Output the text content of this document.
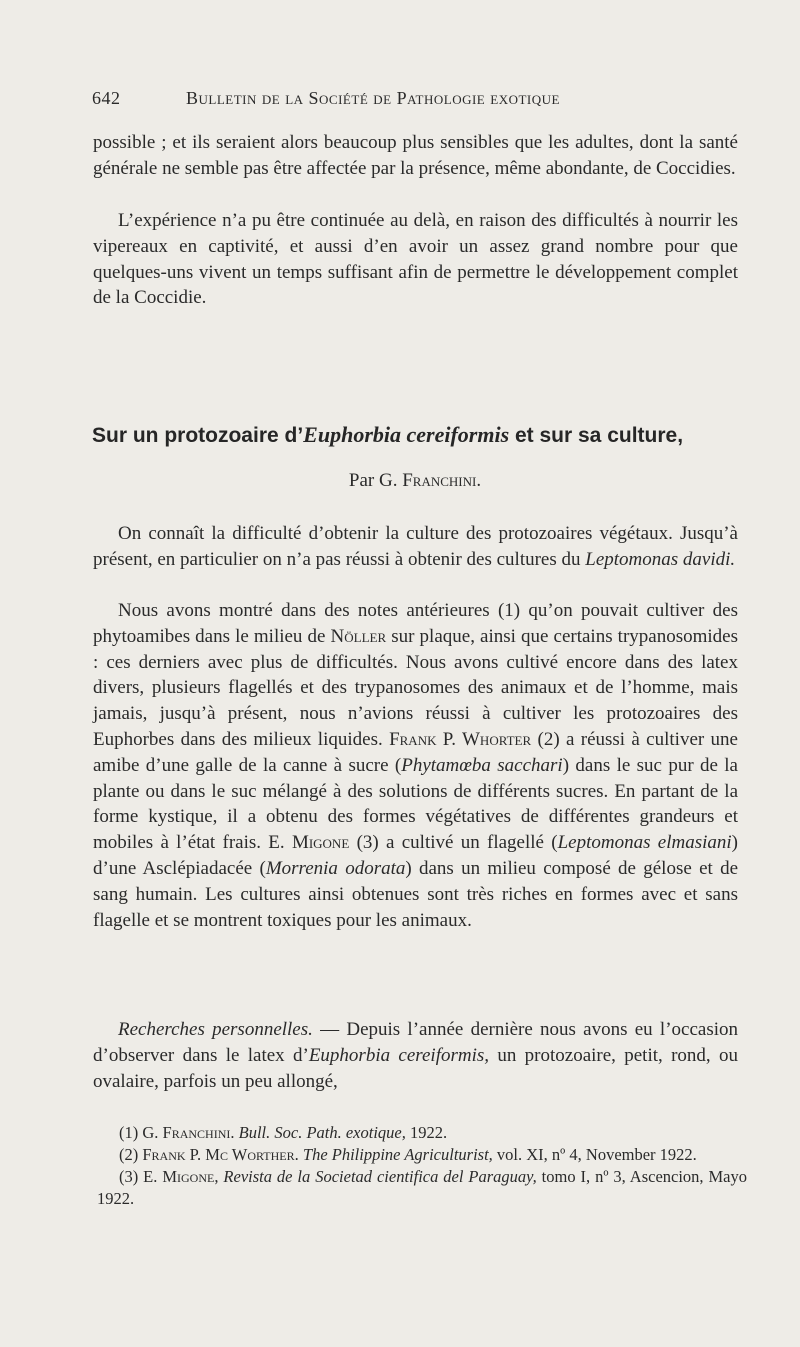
642	Bulletin de la Société de Pathologie exotique

possible ; et ils seraient alors beaucoup plus sensibles que les adultes, dont la santé générale ne semble pas être affectée par la présence, même abondante, de Coccidies.

L’expérience n’a pu être continuée au delà, en raison des difficultés à nourrir les vipereaux en captivité, et aussi d’en avoir un assez grand nombre pour que quelques-uns vivent un temps suffisant afin de permettre le développement complet de la Coccidie.

Sur un protozoaire d’Euphorbia cereiformis et sur sa culture,
Par G. Franchini.

On connaît la difficulté d’obtenir la culture des protozoaires végétaux. Jusqu’à présent, en particulier on n’a pas réussi à obtenir des cultures du Leptomonas davidi.

Nous avons montré dans des notes antérieures (1) qu’on pouvait cultiver des phytoamibes dans le milieu de Nöller sur plaque, ainsi que certains trypanosomides : ces derniers avec plus de difficultés. Nous avons cultivé encore dans des latex divers, plusieurs flagellés et des trypanosomes des animaux et de l’homme, mais jamais, jusqu’à présent, nous n’avions réussi à cultiver les protozoaires des Euphorbes dans des milieux liquides. Frank P. Whorter (2) a réussi à cultiver une amibe d’une galle de la canne à sucre (Phytamœba sacchari) dans le suc pur de la plante ou dans le suc mélangé à des solutions de différents sucres. En partant de la forme kystique, il a obtenu des formes végétatives de différentes grandeurs et mobiles à l’état frais. E. Migone (3) a cultivé un flagellé (Leptomonas elmasiani) d’une Asclépiadacée (Morrenia odorata) dans un milieu composé de gélose et de sang humain. Les cultures ainsi obtenues sont très riches en formes avec et sans flagelle et se montrent toxiques pour les animaux.

Recherches personnelles. — Depuis l’année dernière nous avons eu l’occasion d’observer dans le latex d’Euphorbia cereiformis, un protozoaire, petit, rond, ou ovalaire, parfois un peu allongé,

(1) G. Franchini. Bull. Soc. Path. exotique, 1922.

(2) Frank P. Mc Worther. The Philippine Agriculturist, vol. XI, nº 4, November 1922.

(3) E. Migone, Revista de la Societad cientifica del Paraguay, tomo I, nº 3, Ascencion, Mayo 1922.
